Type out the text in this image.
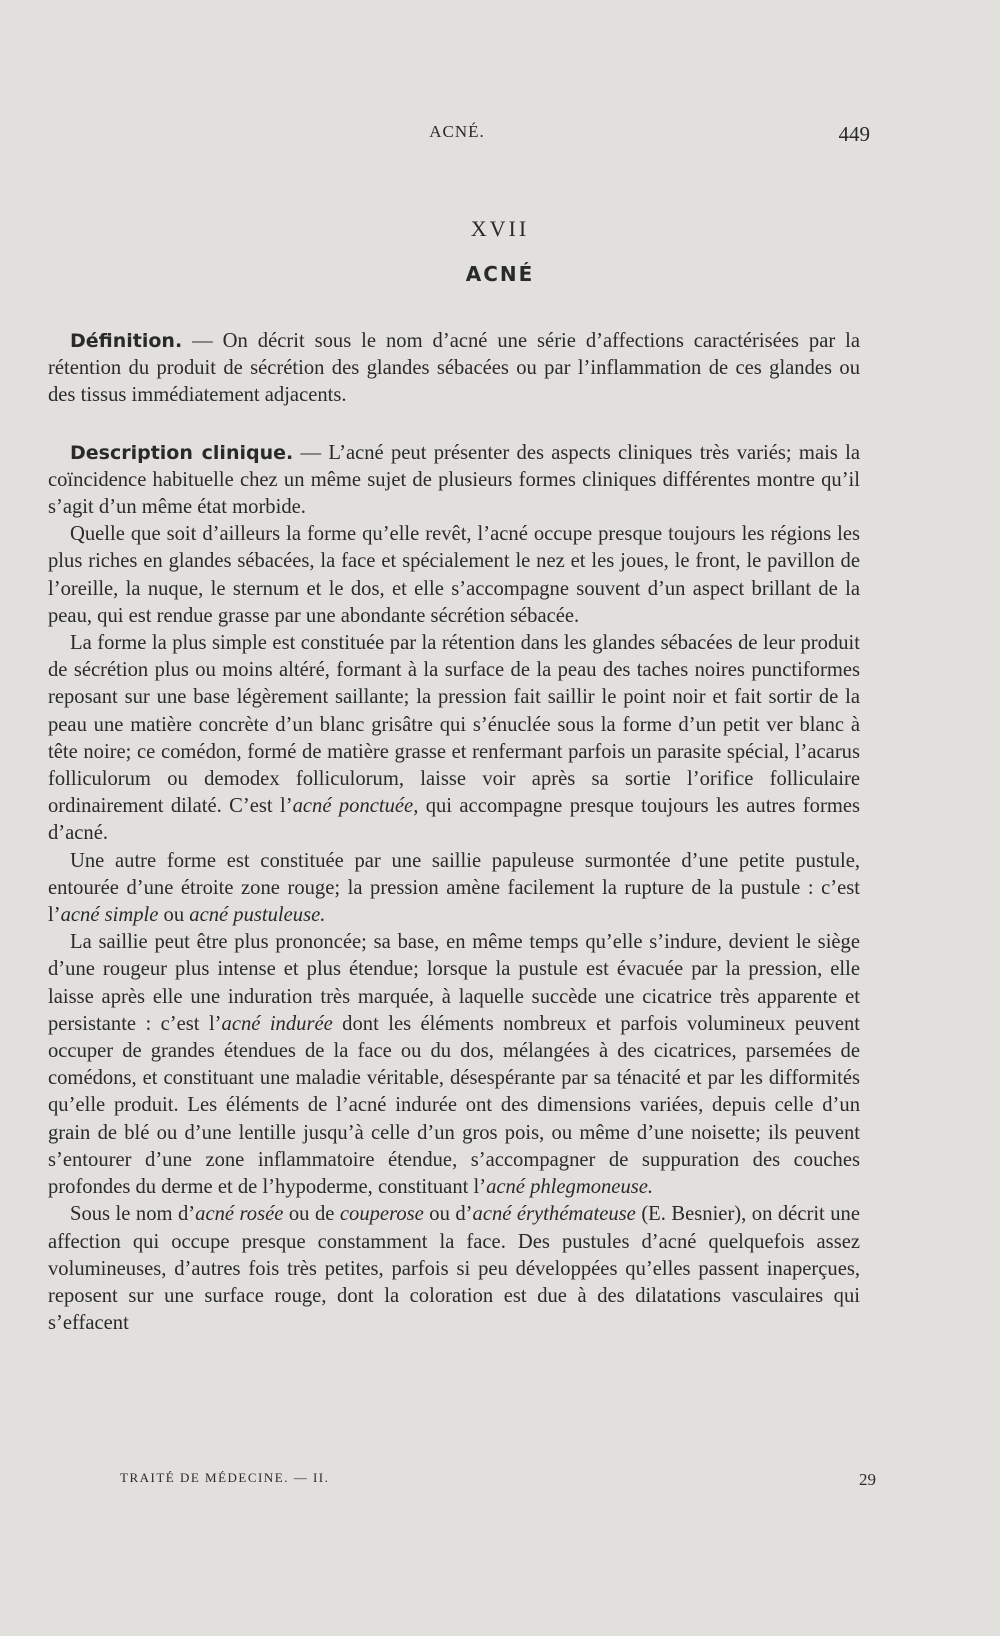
ACNÉ.	449
XVII
ACNÉ

Définition. — On décrit sous le nom d’acné une série d’affections caractérisées par la rétention du produit de sécrétion des glandes sébacées ou par l’inflammation de ces glandes ou des tissus immédiatement adjacents.

Description clinique. — L’acné peut présenter des aspects cliniques très variés; mais la coïncidence habituelle chez un même sujet de plusieurs formes cliniques différentes montre qu’il s’agit d’un même état morbide.

Quelle que soit d’ailleurs la forme qu’elle revêt, l’acné occupe presque toujours les régions les plus riches en glandes sébacées, la face et spécialement le nez et les joues, le front, le pavillon de l’oreille, la nuque, le sternum et le dos, et elle s’accompagne souvent d’un aspect brillant de la peau, qui est rendue grasse par une abondante sécrétion sébacée.

La forme la plus simple est constituée par la rétention dans les glandes sébacées de leur produit de sécrétion plus ou moins altéré, formant à la surface de la peau des taches noires punctiformes reposant sur une base légèrement saillante; la pression fait saillir le point noir et fait sortir de la peau une matière concrète d’un blanc grisâtre qui s’énuclée sous la forme d’un petit ver blanc à tête noire; ce comédon, formé de matière grasse et renfermant parfois un parasite spécial, l’acarus folliculorum ou demodex folliculorum, laisse voir après sa sortie l’orifice folliculaire ordinairement dilaté. C’est l’acné ponctuée, qui accompagne presque toujours les autres formes d’acné.

Une autre forme est constituée par une saillie papuleuse surmontée d’une petite pustule, entourée d’une étroite zone rouge; la pression amène facilement la rupture de la pustule : c’est l’acné simple ou acné pustuleuse.

La saillie peut être plus prononcée; sa base, en même temps qu’elle s’indure, devient le siège d’une rougeur plus intense et plus étendue; lorsque la pustule est évacuée par la pression, elle laisse après elle une induration très marquée, à laquelle succède une cicatrice très apparente et persistante : c’est l’acné indurée dont les éléments nombreux et parfois volumineux peuvent occuper de grandes étendues de la face ou du dos, mélangées à des cicatrices, parsemées de comédons, et constituant une maladie véritable, désespérante par sa ténacité et par les difformités qu’elle produit. Les éléments de l’acné indurée ont des dimensions variées, depuis celle d’un grain de blé ou d’une lentille jusqu’à celle d’un gros pois, ou même d’une noisette; ils peuvent s’entourer d’une zone inflammatoire étendue, s’accompagner de suppuration des couches profondes du derme et de l’hypoderme, constituant l’acné phlegmoneuse.

Sous le nom d’acné rosée ou de couperose ou d’acné érythémateuse (E. Besnier), on décrit une affection qui occupe presque constamment la face. Des pustules d’acné quelquefois assez volumineuses, d’autres fois très petites, parfois si peu développées qu’elles passent inaperçues, reposent sur une surface rouge, dont la coloration est due à des dilatations vasculaires qui s’effacent

TRAITÉ DE MÉDECINE. — II.	29
